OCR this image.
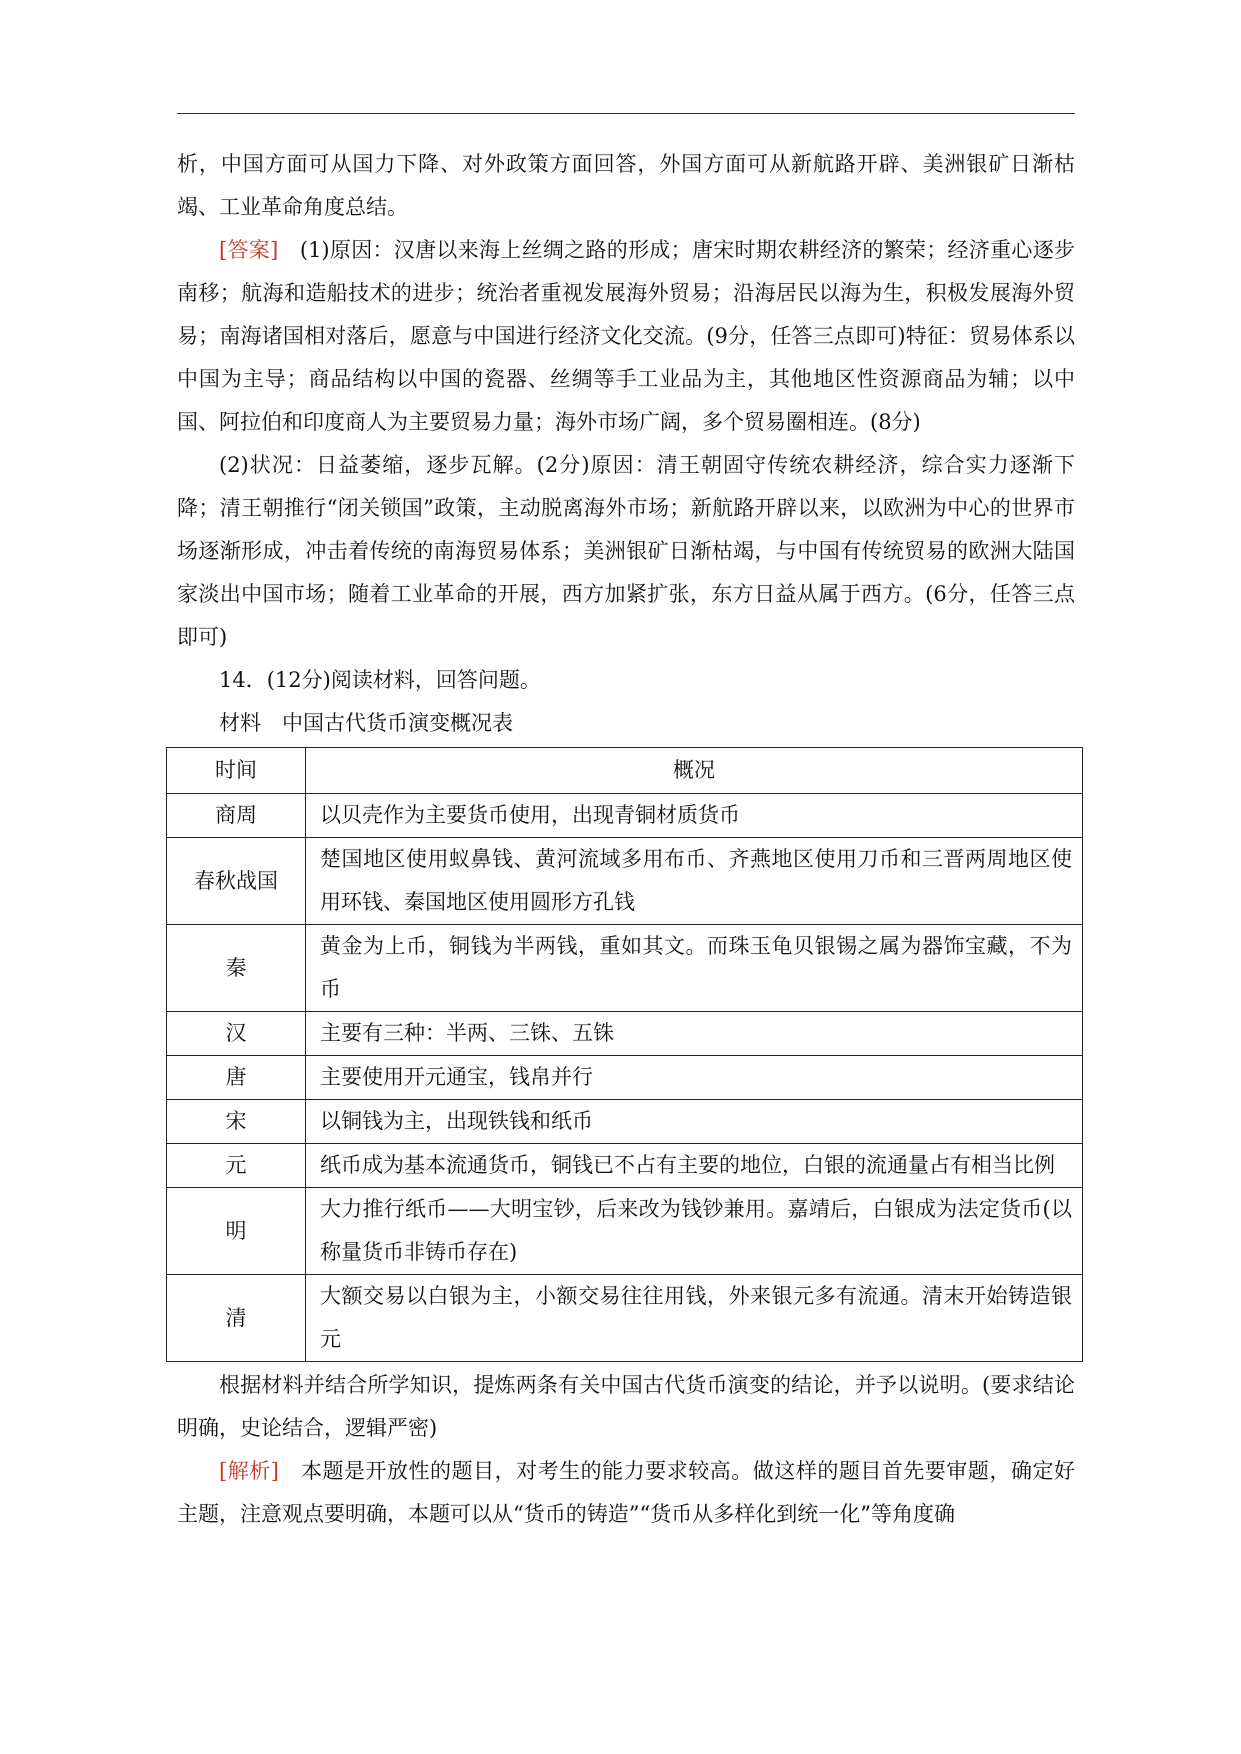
析，中国方面可从国力下降、对外政策方面回答，外国方面可从新航路开辟、美洲银矿日渐枯竭、工业革命角度总结。

[答案]　 (1)原因：汉唐以来海上丝绸之路的形成；唐宋时期农耕经济的繁荣；经济重心逐步南移；航海和造船技术的进步；统治者重视发展海外贸易；沿海居民以海为生，积极发展海外贸易；南海诸国相对落后，愿意与中国进行经济文化交流。(9分，任答三点即可)特征：贸易体系以中国为主导；商品结构以中国的瓷器、丝绸等手工业品为主，其他地区性资源商品为辅；以中国、阿拉伯和印度商人为主要贸易力量；海外市场广阔，多个贸易圈相连。(8分)

(2)状况：日益萎缩，逐步瓦解。(2分)原因：清王朝固守传统农耕经济，综合实力逐渐下降；清王朝推行“闭关锁国”政策，主动脱离海外市场；新航路开辟以来，以欧洲为中心的世界市场逐渐形成，冲击着传统的南海贸易体系；美洲银矿日渐枯竭，与中国有传统贸易的欧洲大陆国家淡出中国市场；随着工业革命的开展，西方加紧扩张，东方日益从属于西方。(6分，任答三点即可)

14．(12分)阅读材料，回答问题。

材料　中国古代货币演变概况表

时间	概况
商周	以贝壳作为主要货币使用，出现青铜材质货币
春秋战国	楚国地区使用蚁鼻钱、黄河流域多用布币、齐燕地区使用刀币和三晋两周地区使用环钱、秦国地区使用圆形方孔钱
秦	黄金为上币，铜钱为半两钱，重如其文。而珠玉龟贝银锡之属为器饰宝藏，不为币
汉	主要有三种：半两、三铢、五铢
唐	主要使用开元通宝，钱帛并行
宋	以铜钱为主，出现铁钱和纸币
元	纸币成为基本流通货币，铜钱已不占有主要的地位，白银的流通量占有相当比例
明	大力推行纸币——大明宝钞，后来改为钱钞兼用。嘉靖后，白银成为法定货币(以称量货币非铸币存在)
清	大额交易以白银为主，小额交易往往用钱，外来银元多有流通。清末开始铸造银元

根据材料并结合所学知识，提炼两条有关中国古代货币演变的结论，并予以说明。(要求结论明确，史论结合，逻辑严密)

[解析]　本题是开放性的题目，对考生的能力要求较高。做这样的题目首先要审题，确定好主题，注意观点要明确，本题可以从“货币的铸造”“货币从多样化到统一化”等角度确
